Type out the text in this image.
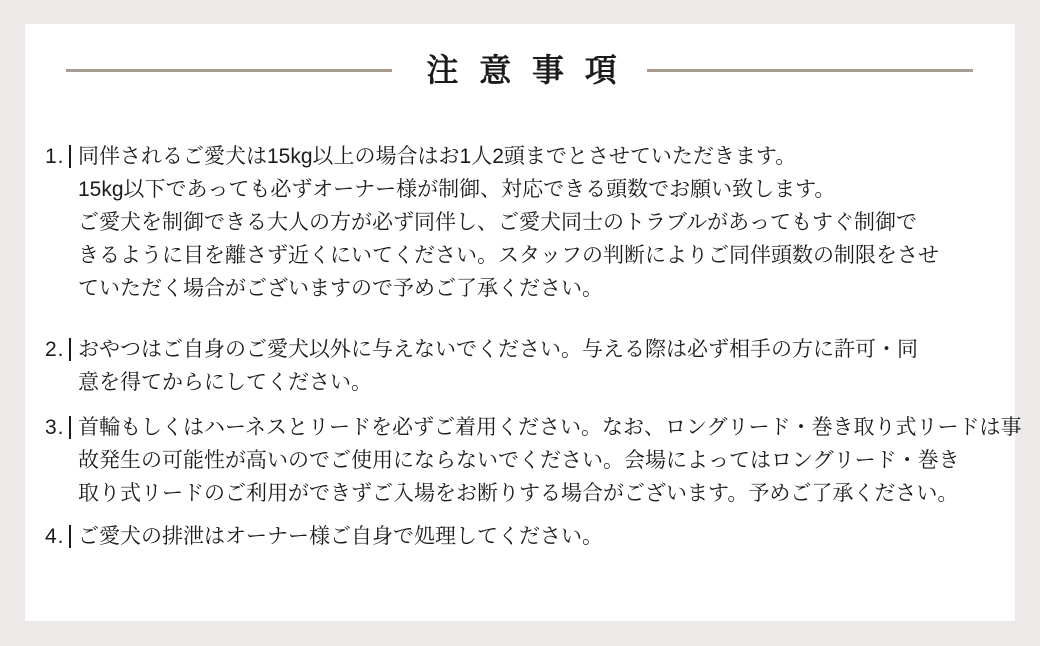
注意事項
1. 同伴されるご愛犬は15kg以上の場合はお1人2頭までとさせていただきます。
15kg以下であっても必ずオーナー様が制御、対応できる頭数でお願い致します。
ご愛犬を制御できる大人の方が必ず同伴し、ご愛犬同士のトラブルがあってもすぐ制御で
きるように目を離さず近くにいてください。スタッフの判断によりご同伴頭数の制限をさせ
ていただく場合がございますので予めご了承ください。
2. おやつはご自身のご愛犬以外に与えないでください。与える際は必ず相手の方に許可・同
意を得てからにしてください。
3. 首輪もしくはハーネスとリードを必ずご着用ください。なお、ロングリード・巻き取り式リードは事
故発生の可能性が高いのでご使用にならないでください。会場によってはロングリード・巻き
取り式リードのご利用ができずご入場をお断りする場合がございます。予めご了承ください。
4. ご愛犬の排泄はオーナー様ご自身で処理してください。
